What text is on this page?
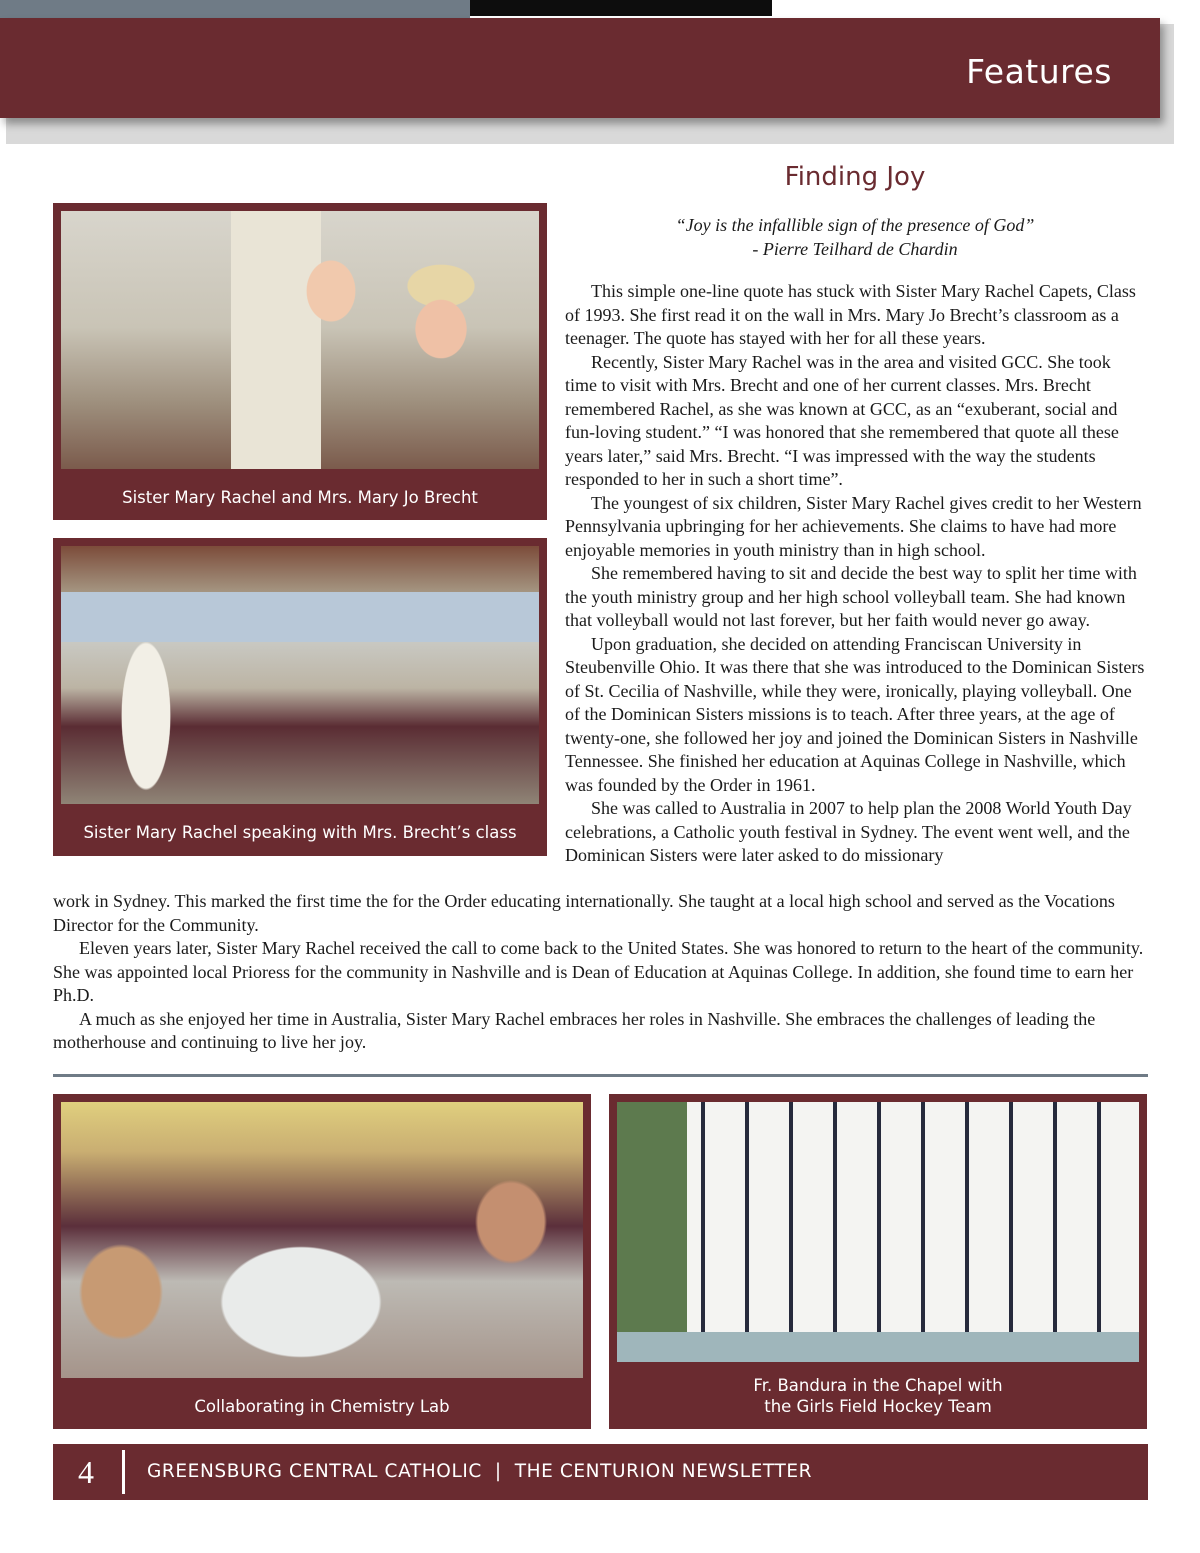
Features
Sister Mary Rachel and Mrs. Mary Jo Brecht
Sister Mary Rachel speaking with Mrs. Brecht’s class
Finding Joy
“Joy is the infallible sign of the presence of God”
- Pierre Teilhard de Chardin

This simple one-line quote has stuck with Sister Mary Rachel Capets, Class of 1993. She first read it on the wall in Mrs. Mary Jo Brecht’s classroom as a teenager. The quote has stayed with her for all these years.

Recently, Sister Mary Rachel was in the area and visited GCC. She took time to visit with Mrs. Brecht and one of her current classes. Mrs. Brecht remembered Rachel, as she was known at GCC, as an “exuberant, social and fun-loving student.” “I was honored that she remembered that quote all these years later,” said Mrs. Brecht. “I was impressed with the way the students responded to her in such a short time”.

The youngest of six children, Sister Mary Rachel gives credit to her Western Pennsylvania upbringing for her achievements. She claims to have had more enjoyable memories in youth ministry than in high school.

She remembered having to sit and decide the best way to split her time with the youth ministry group and her high school volleyball team. She had known that volleyball would not last forever, but her faith would never go away.

Upon graduation, she decided on attending Franciscan University in Steubenville Ohio. It was there that she was introduced to the Dominican Sisters of St. Cecilia of Nashville, while they were, ironically, playing volleyball. One of the Dominican Sisters missions is to teach. After three years, at the age of twenty-one, she followed her joy and joined the Dominican Sisters in Nashville Tennessee. She finished her education at Aquinas College in Nashville, which was founded by the Order in 1961.

She was called to Australia in 2007 to help plan the 2008 World Youth Day celebrations, a Catholic youth festival in Sydney. The event went well, and the Dominican Sisters were later asked to do missionary

work in Sydney. This marked the first time the for the Order educating internationally. She taught at a local high school and served as the Vocations Director for the Community.

Eleven years later, Sister Mary Rachel received the call to come back to the United States. She was honored to return to the heart of the community. She was appointed local Prioress for the community in Nashville and is Dean of Education at Aquinas College. In addition, she found time to earn her Ph.D.

A much as she enjoyed her time in Australia, Sister Mary Rachel embraces her roles in Nashville. She embraces the challenges of leading the motherhouse and continuing to live her joy.

Collaborating in Chemistry Lab
Fr. Bandura in the Chapel with
the Girls Field Hockey Team
4	GREENSBURG CENTRAL CATHOLIC  |  THE CENTURION NEWSLETTER
